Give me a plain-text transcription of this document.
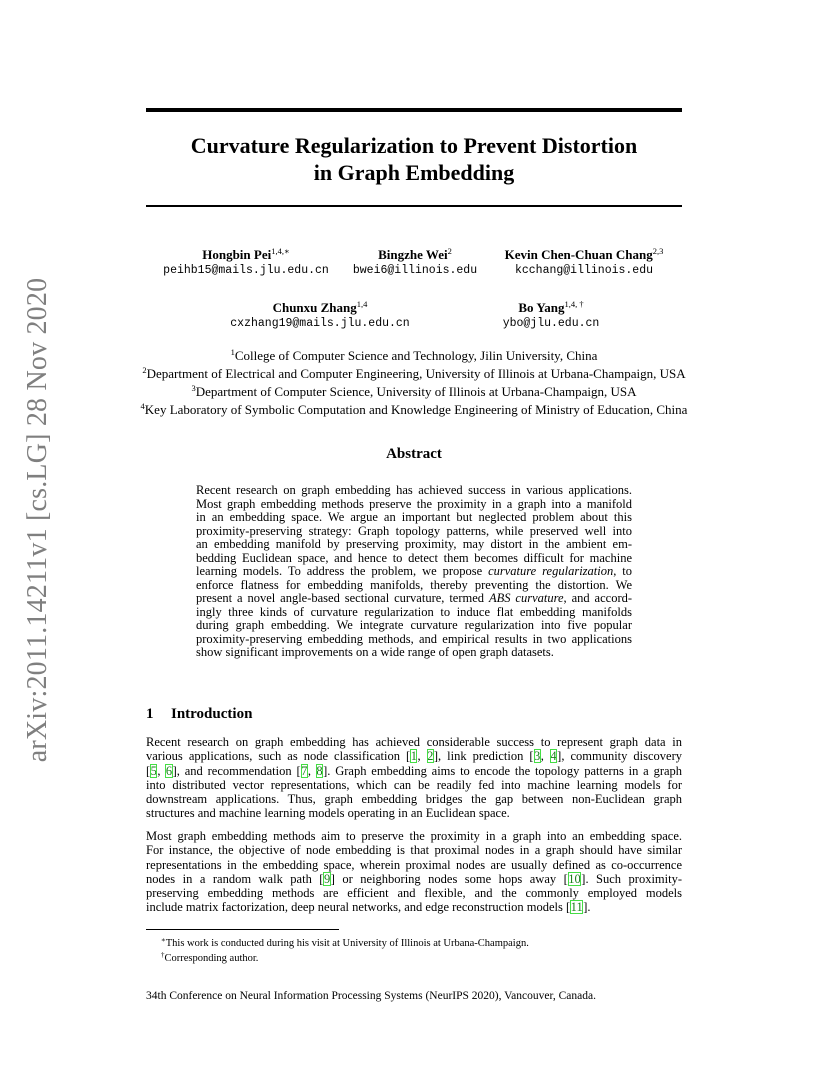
arXiv:2011.14211v1 [cs.LG] 28 Nov 2020
Curvature Regularization to Prevent Distortion
in Graph Embedding
Hongbin Pei$^{1,4,∗}$
peihb15@mails.jlu.edu.cn
Bingzhe Wei$^2$
bwei6@illinois.edu
Kevin Chen-Chuan Chang$^{2,3}$
kcchang@illinois.edu
Chunxu Zhang$^{1,4}$
cxzhang19@mails.jlu.edu.cn
Bo Yang$^{1,4, \dagger}$
ybo@jlu.edu.cn
$^1$College of Computer Science and Technology, Jilin University, China
$^2$Department of Electrical and Computer Engineering, University of Illinois at Urbana-Champaign, USA
$^3$Department of Computer Science, University of Illinois at Urbana-Champaign, USA
$^4$Key Laboratory of Symbolic Computation and Knowledge Engineering of Ministry of Education, China
Abstract
Recent research on graph embedding has achieved success in various applications.
Most graph embedding methods preserve the proximity in a graph into a manifold
in an embedding space. We argue an important but neglected problem about this
proximity-preserving strategy: Graph topology patterns, while preserved well into
an embedding manifold by preserving proximity, may distort in the ambient em-
bedding Euclidean space, and hence to detect them becomes difficult for machine
learning models. To address the problem, we propose curvature regularization, to
enforce flatness for embedding manifolds, thereby preventing the distortion. We
present a novel angle-based sectional curvature, termed ABS curvature, and accord-
ingly three kinds of curvature regularization to induce flat embedding manifolds
during graph embedding. We integrate curvature regularization into five popular
proximity-preserving embedding methods, and empirical results in two applications
show significant improvements on a wide range of open graph datasets.
1 Introduction
Recent research on graph embedding has achieved considerable success to represent graph data in
various applications, such as node classification [1, 2], link prediction [3, 4], community discovery
[5, 6], and recommendation [7, 8]. Graph embedding aims to encode the topology patterns in a graph
into distributed vector representations, which can be readily fed into machine learning models for
downstream applications. Thus, graph embedding bridges the gap between non-Euclidean graph
structures and machine learning models operating in an Euclidean space.
Most graph embedding methods aim to preserve the proximity in a graph into an embedding space.
For instance, the objective of node embedding is that proximal nodes in a graph should have similar
representations in the embedding space, wherein proximal nodes are usually defined as co-occurrence
nodes in a random walk path [9] or neighboring nodes some hops away [10]. Such proximity-
preserving embedding methods are efficient and flexible, and the commonly employed models
include matrix factorization, deep neural networks, and edge reconstruction models [11].
∗This work is conducted during his visit at University of Illinois at Urbana-Champaign.
†Corresponding author.
34th Conference on Neural Information Processing Systems (NeurIPS 2020), Vancouver, Canada.
